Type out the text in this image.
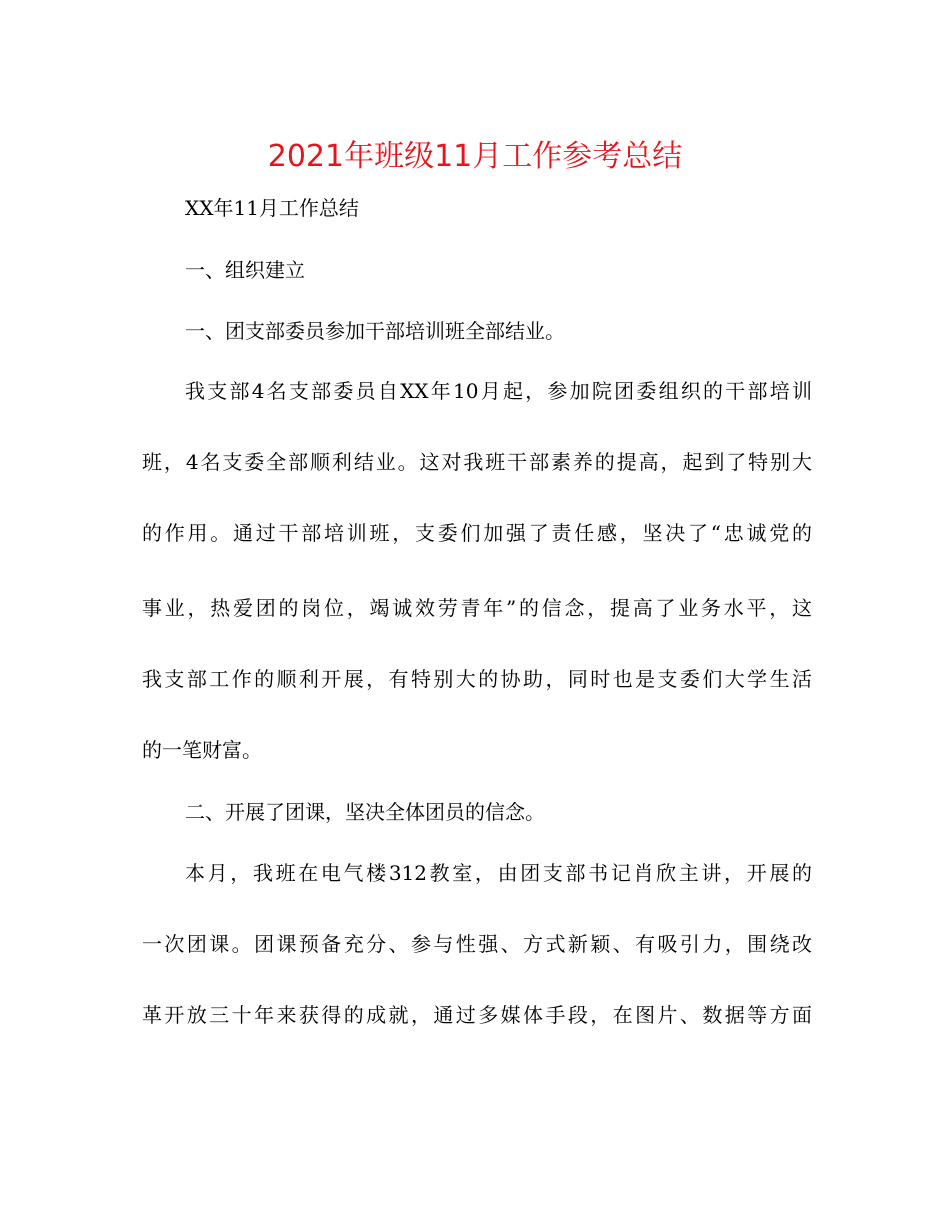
2021年班级11月工作参考总结
XX年11月工作总结
一、组织建立
一、团支部委员参加干部培训班全部结业。
我支部4名支部委员自XX年10月起，参加院团委组织的干部培训
班，4名支委全部顺利结业。这对我班干部素养的提高，起到了特别大
的作用。通过干部培训班，支委们加强了责任感，坚决了“忠诚党的
事业，热爱团的岗位，竭诚效劳青年”的信念，提高了业务水平，这
我支部工作的顺利开展，有特别大的协助，同时也是支委们大学生活
的一笔财富。
二、开展了团课，坚决全体团员的信念。
本月，我班在电气楼312教室，由团支部书记肖欣主讲，开展的
一次团课。团课预备充分、参与性强、方式新颖、有吸引力，围绕改
革开放三十年来获得的成就，通过多媒体手段，在图片、数据等方面
